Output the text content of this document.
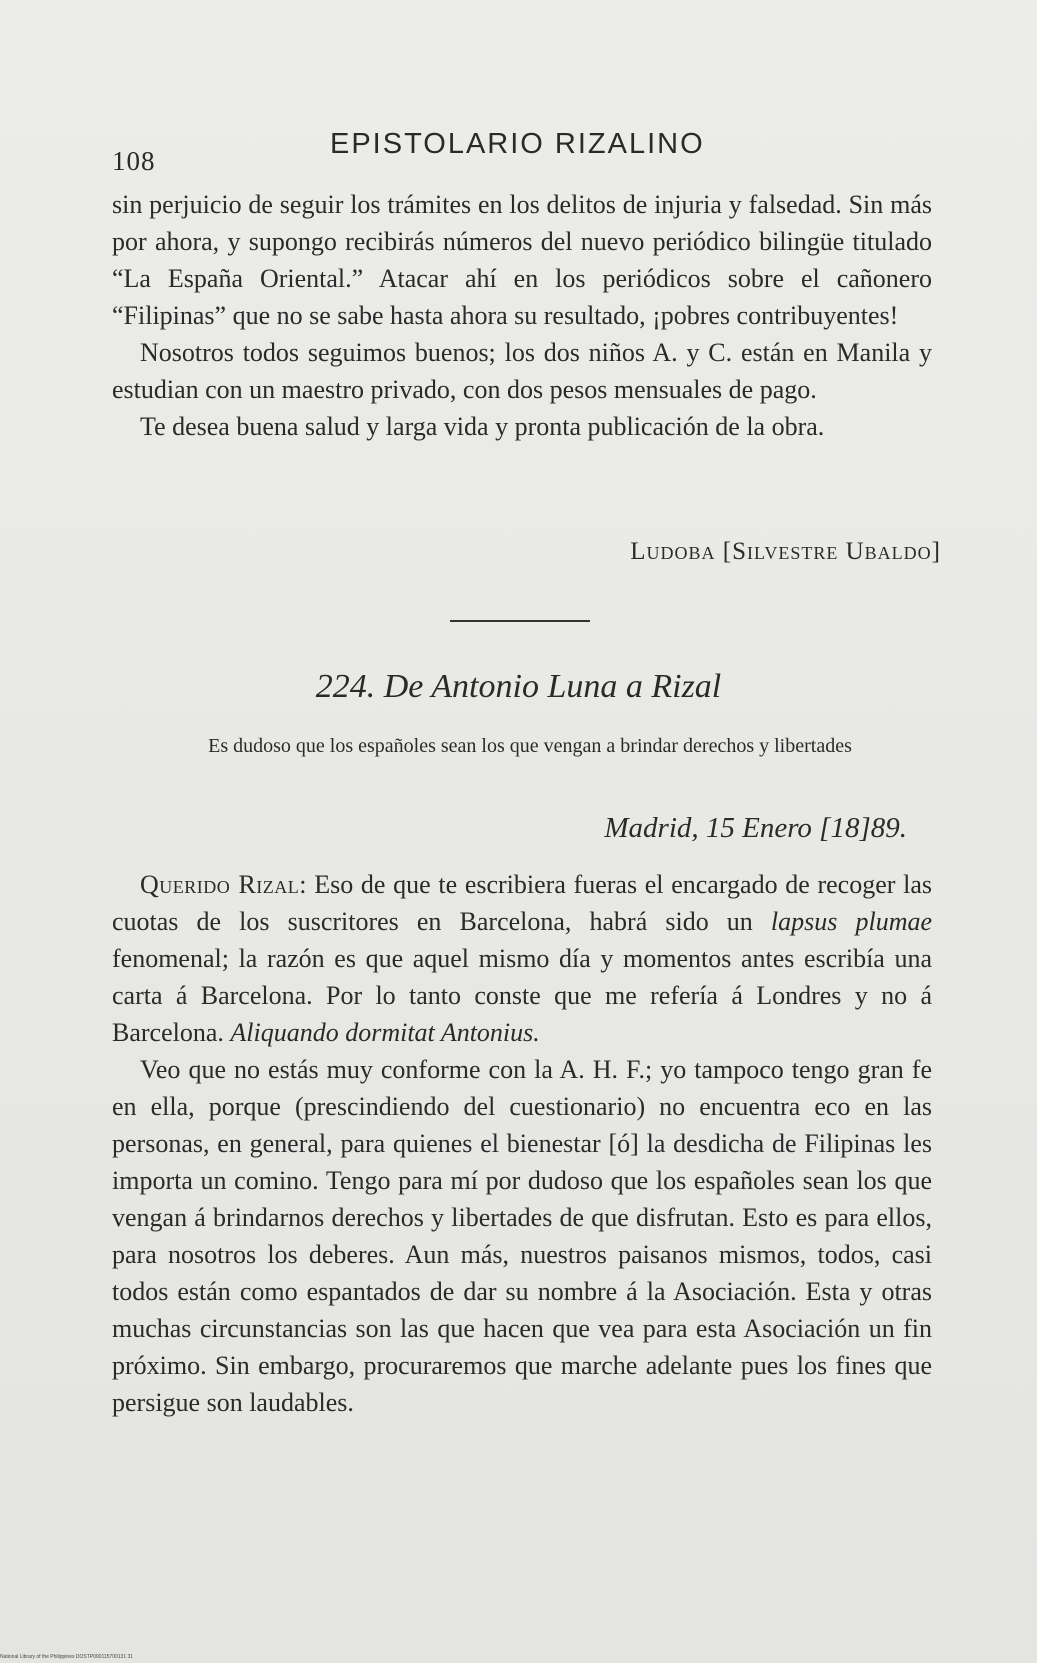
108
EPISTOLARIO RIZALINO

sin perjuicio de seguir los trámites en los delitos de injuria y falsedad. Sin más por ahora, y supongo recibirás números del nuevo periódico bilingüe titulado “La España Oriental.” Atacar ahí en los periódicos sobre el cañonero “Filipinas” que no se sabe hasta ahora su resultado, ¡pobres contribuyentes!

Nosotros todos seguimos buenos; los dos niños A. y C. están en Manila y estudian con un maestro privado, con dos pesos mensuales de pago.

Te desea buena salud y larga vida y pronta publicación de la obra.

Ludoba [Silvestre Ubaldo]
224. De Antonio Luna a Rizal
Es dudoso que los españoles sean los que vengan a brindar derechos y libertades
Madrid, 15 Enero [18]89.

Querido Rizal: Eso de que te escribiera fueras el encargado de recoger las cuotas de los suscritores en Barcelona, habrá sido un lapsus plumae fenomenal; la razón es que aquel mismo día y momentos antes escribía una carta á Barcelona. Por lo tanto conste que me refería á Londres y no á Barcelona. Aliquando dormitat Antonius.

Veo que no estás muy conforme con la A. H. F.; yo tampoco tengo gran fe en ella, porque (prescindiendo del cuestionario) no encuentra eco en las personas, en general, para quienes el bienestar [ó] la desdicha de Filipinas les importa un comino. Tengo para mí por dudoso que los españoles sean los que vengan á brindarnos derechos y libertades de que disfrutan. Esto es para ellos, para nosotros los deberes. Aun más, nuestros paisanos mismos, todos, casi todos están como espantados de dar su nombre á la Asociación. Esta y otras muchas circunstancias son las que hacen que vea para esta Asociación un fin próximo. Sin embargo, procuraremos que marche adelante pues los fines que persigue son laudables.

National Library of the Philippines DOSTP000115700131 31
